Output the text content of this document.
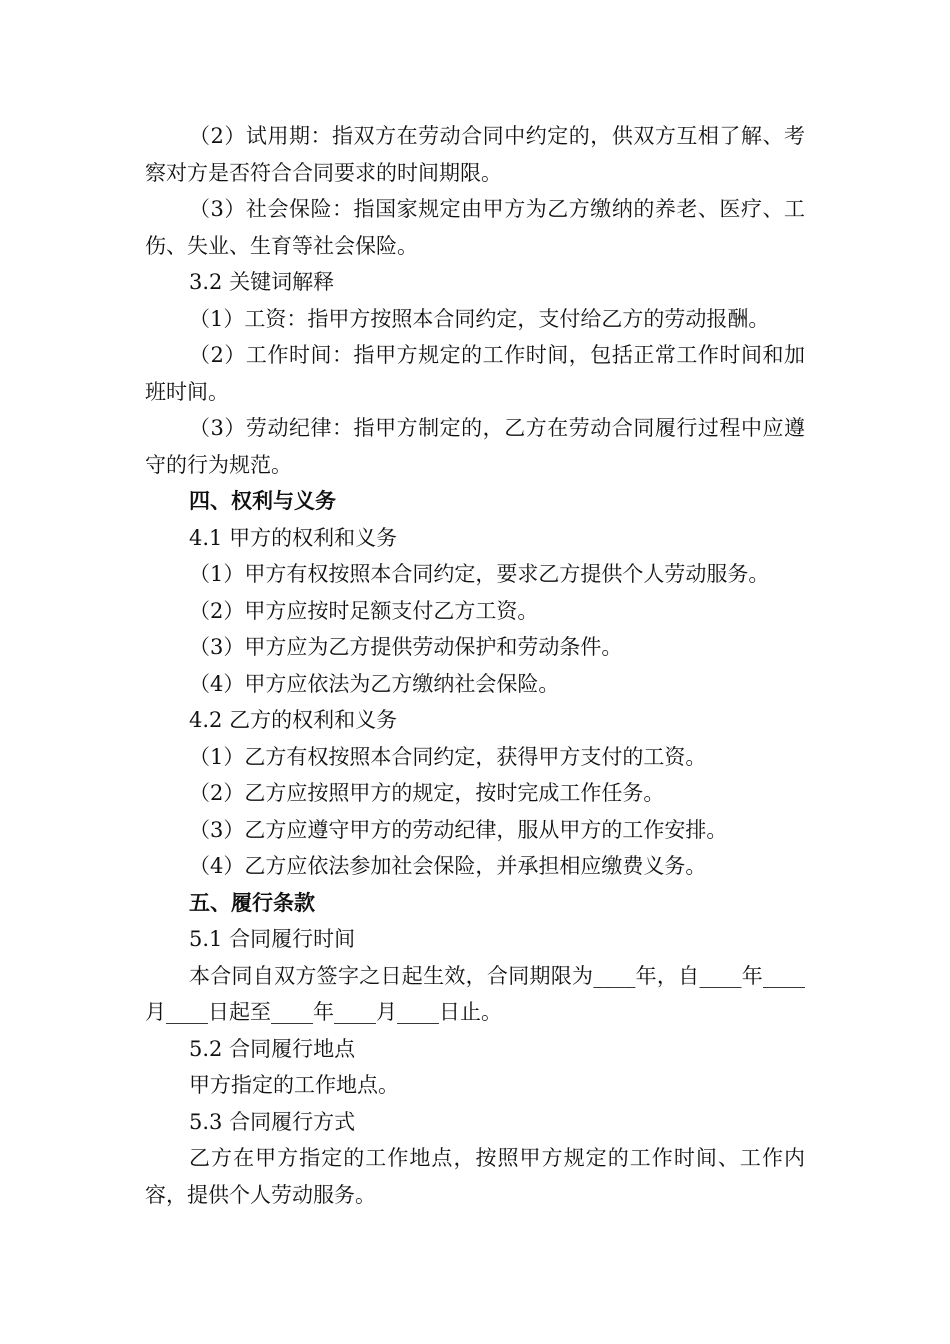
（2）试用期：指双方在劳动合同中约定的，供双方互相了解、考察对方是否符合合同要求的时间期限。

（3）社会保险：指国家规定由甲方为乙方缴纳的养老、医疗、工伤、失业、生育等社会保险。

3.2 关键词解释

（1）工资：指甲方按照本合同约定，支付给乙方的劳动报酬。

（2）工作时间：指甲方规定的工作时间，包括正常工作时间和加班时间。

（3）劳动纪律：指甲方制定的，乙方在劳动合同履行过程中应遵守的行为规范。

四、权利与义务

4.1 甲方的权利和义务

（1）甲方有权按照本合同约定，要求乙方提供个人劳动服务。

（2）甲方应按时足额支付乙方工资。

（3）甲方应为乙方提供劳动保护和劳动条件。

（4）甲方应依法为乙方缴纳社会保险。

4.2 乙方的权利和义务

（1）乙方有权按照本合同约定，获得甲方支付的工资。

（2）乙方应按照甲方的规定，按时完成工作任务。

（3）乙方应遵守甲方的劳动纪律，服从甲方的工作安排。

（4）乙方应依法参加社会保险，并承担相应缴费义务。

五、履行条款

5.1 合同履行时间

本合同自双方签字之日起生效，合同期限为____年，自____年____月____日起至____年____月____日止。

5.2 合同履行地点

甲方指定的工作地点。

5.3 合同履行方式

乙方在甲方指定的工作地点，按照甲方规定的工作时间、工作内容，提供个人劳动服务。
